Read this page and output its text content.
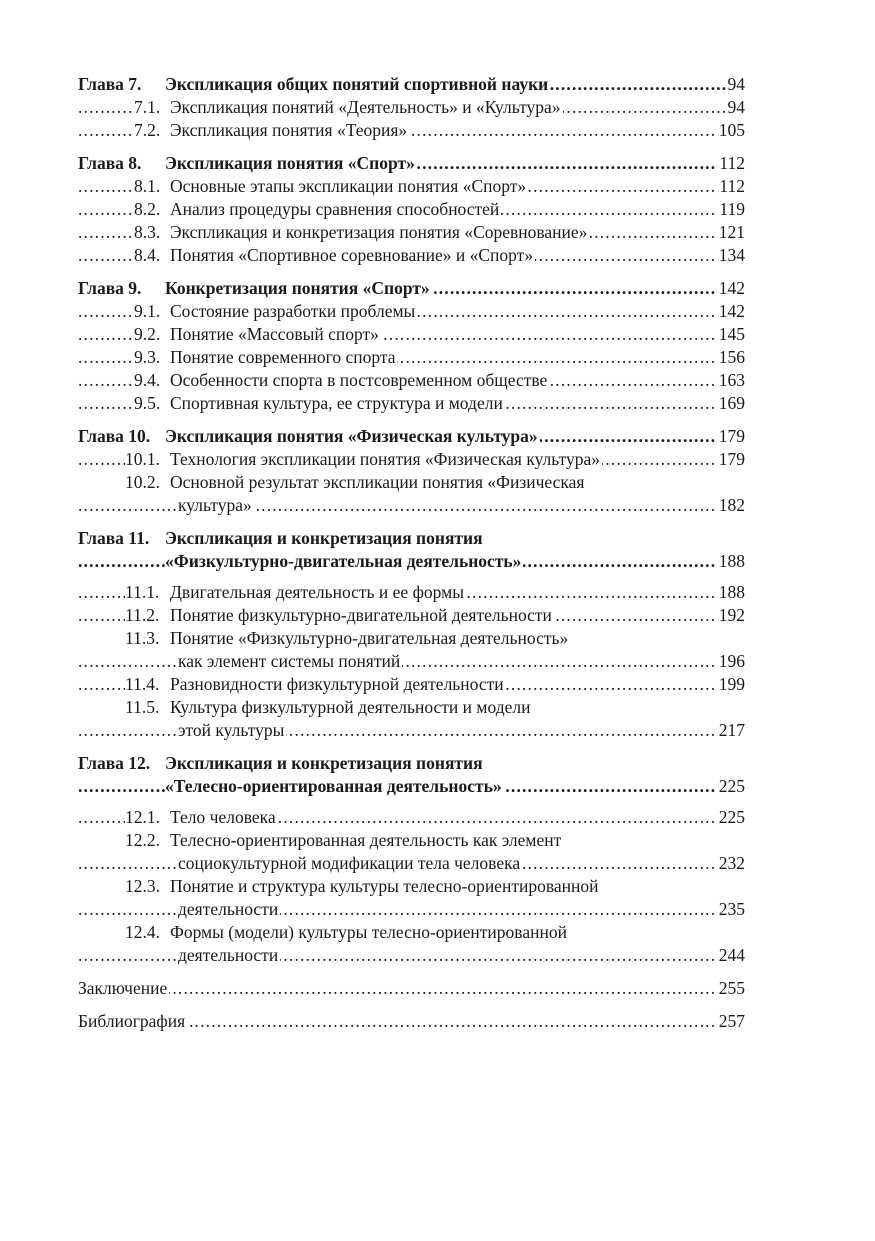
Глава 7. Экспликация общих понятий спортивной науки	94
. . .
7.1. Экспликация понятий «Деятельность» и «Культура»	94
. . .
7.2. Экспликация понятия «Теория»	105
. . .
Глава 8. Экспликация понятия «Спорт»	112
. . .
8.1. Основные этапы экспликации понятия «Спорт»	112
. . .
8.2. Анализ процедуры сравнения способностей	119
. . .
8.3. Экспликация и конкретизация понятия «Соревнование»	121
. . .
8.4. Понятия «Спортивное соревнование» и «Спорт»	134
. . .
Глава 9. Конкретизация понятия «Спорт»	142
. . .
9.1. Состояние разработки проблемы	142
. . .
9.2. Понятие «Массовый спорт»	145
. . .
9.3. Понятие современного спорта	156
. . .
9.4. Особенности спорта в постсовременном обществе	163
. . .
9.5. Спортивная культура, ее структура и модели	169
. . .
Глава 10. Экспликация понятия «Физическая культура»	179
. . .
10.1. Технология экспликации понятия «Физическая культура»	179
. . .
10.2. Основной результат экспликации понятия «Физическая
культура»	182
. . .
Глава 11. Экспликация и конкретизация понятия
«Физкультурно-двигательная деятельность»	188
. . .
11.1. Двигательная деятельность и ее формы	188
. . .
11.2. Понятие физкультурно-двигательной деятельности	192
. . .
11.3. Понятие «Физкультурно-двигательная деятельность»
как элемент системы понятий	196
. . .
11.4. Разновидности физкультурной деятельности	199
. . .
11.5. Культура физкультурной деятельности и модели
этой культуры	217
. . .
Глава 12. Экспликация и конкретизация понятия
«Телесно-ориентированная деятельность»	225
. . .
12.1. Тело человека	225
. . .
12.2. Телесно-ориентированная деятельность как элемент
социокультурной модификации тела человека	232
. . .
12.3. Понятие и структура культуры телесно-ориентированной
деятельности	235
. . .
12.4. Формы (модели) культуры телесно-ориентированной
деятельности	244
. . .
Заключение	255
. . .
Библиография	257
. . .
